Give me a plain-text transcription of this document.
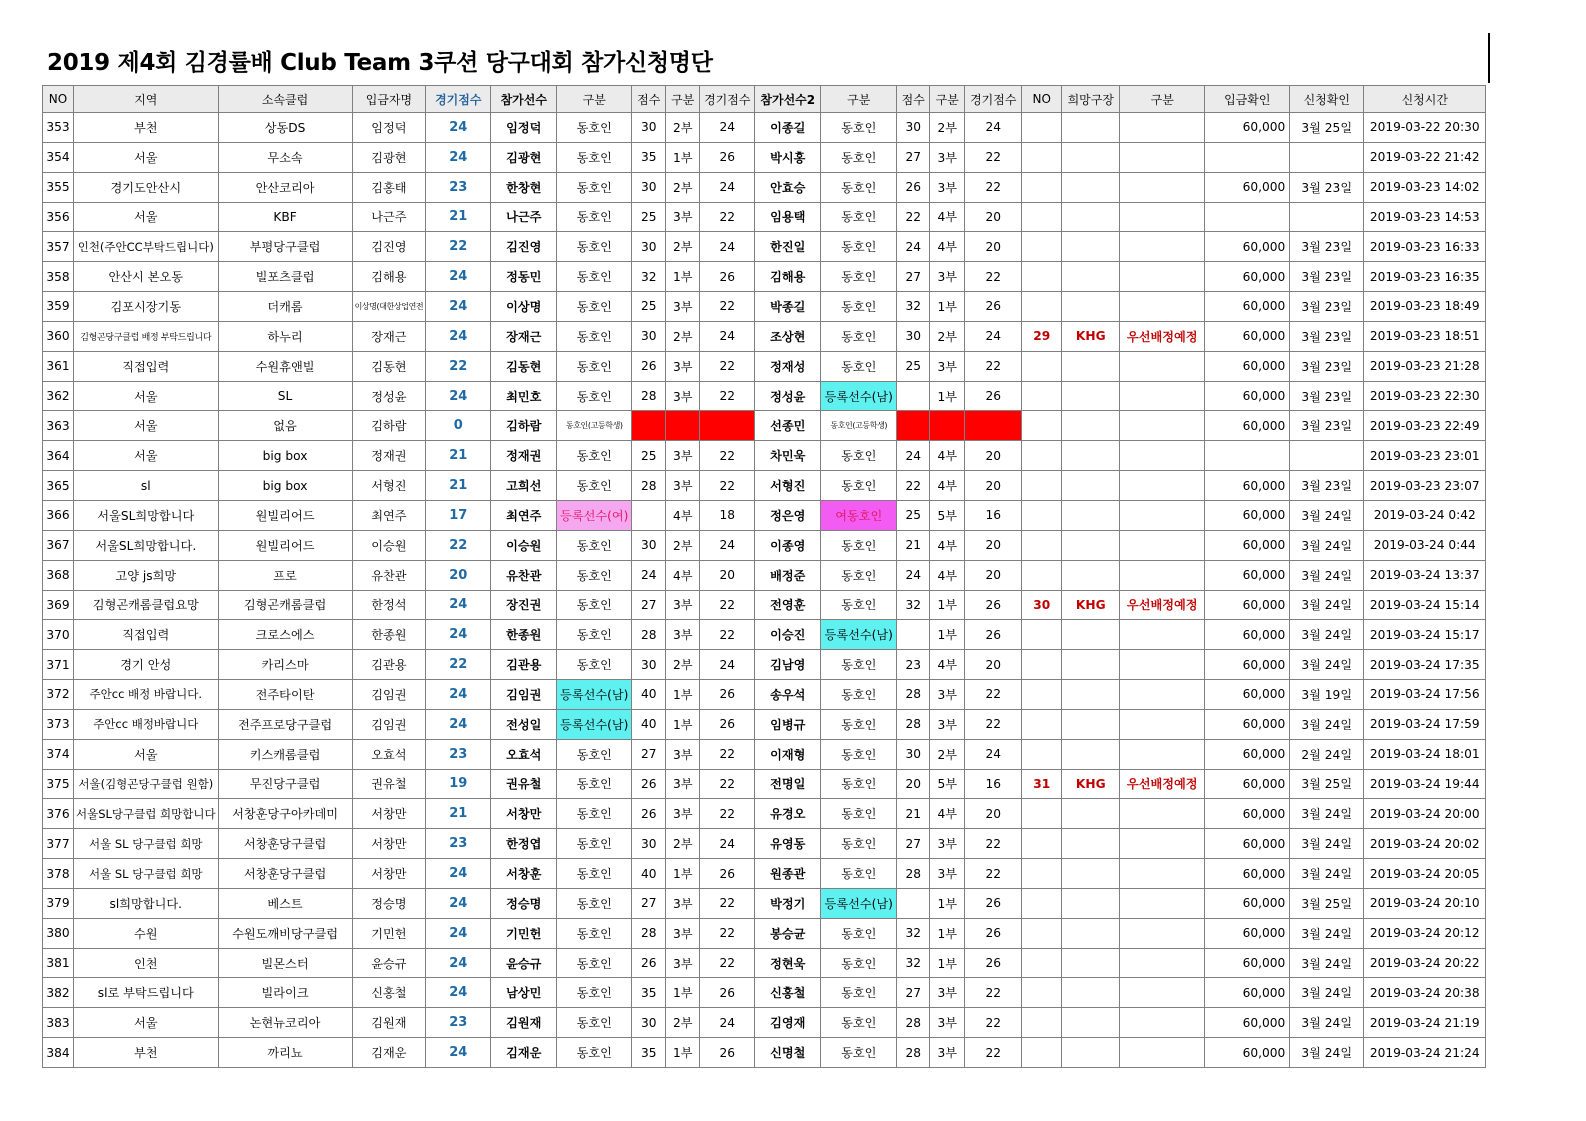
2019 제4회 김경률배 Club Team 3쿠션 당구대회 참가신청명단
NO	지역	소속클럽	입금자명	경기점수	참가선수	구분	점수	구분	경기점수	참가선수2	구분	점수	구분	경기점수	NO	희망구장	구분	입금확인	신청확인	신청시간
353	부천	상동DS	임정덕	24	임정덕	동호인	30	2부	24	이종길	동호인	30	2부	24				60,000	3월 25일	2019-03-22 20:30
354	서울	무소속	김광현	24	김광현	동호인	35	1부	26	박시홍	동호인	27	3부	22						2019-03-22 21:42
355	경기도안산시	안산코리아	김홍태	23	한창현	동호인	30	2부	24	안효승	동호인	26	3부	22				60,000	3월 23일	2019-03-23 14:02
356	서울	KBF	나근주	21	나근주	동호인	25	3부	22	임용택	동호인	22	4부	20						2019-03-23 14:53
357	인천(주안CC부탁드립니다)	부평당구클럽	김진영	22	김진영	동호인	30	2부	24	한진일	동호인	24	4부	20				60,000	3월 23일	2019-03-23 16:33
358	안산시 본오동	빌포츠클럽	김해용	24	정동민	동호인	32	1부	26	김해용	동호인	27	3부	22				60,000	3월 23일	2019-03-23 16:35
359	김포시장기동	더캐롬	이상명(대한상업연전	24	이상명	동호인	25	3부	22	박종길	동호인	32	1부	26				60,000	3월 23일	2019-03-23 18:49
360	김형곤당구클럽 배정 부탁드립니다	하누리	장재근	24	장재근	동호인	30	2부	24	조상현	동호인	30	2부	24	29	KHG	우선배정예정	60,000	3월 23일	2019-03-23 18:51
361	직접입력	수원휴앤빌	김동현	22	김동현	동호인	26	3부	22	정재성	동호인	25	3부	22				60,000	3월 23일	2019-03-23 21:28
362	서울	SL	정성윤	24	최민호	동호인	28	3부	22	정성윤	등록선수(남)		1부	26				60,000	3월 23일	2019-03-23 22:30
363	서울	없음	김하람	0	김하람	동호인(고등학생)				선종민	동호인(고등학생)							60,000	3월 23일	2019-03-23 22:49
364	서울	big box	정재권	21	정재권	동호인	25	3부	22	차민욱	동호인	24	4부	20						2019-03-23 23:01
365	sl	big box	서형진	21	고희선	동호인	28	3부	22	서형진	동호인	22	4부	20				60,000	3월 23일	2019-03-23 23:07
366	서울SL희망합니다	원빌리어드	최연주	17	최연주	등록선수(여)		4부	18	정은영	여동호인	25	5부	16				60,000	3월 24일	2019-03-24 0:42
367	서울SL희망합니다.	원빌리어드	이승원	22	이승원	동호인	30	2부	24	이종영	동호인	21	4부	20				60,000	3월 24일	2019-03-24 0:44
368	고양 js희망	프로	유찬관	20	유찬관	동호인	24	4부	20	배정준	동호인	24	4부	20				60,000	3월 24일	2019-03-24 13:37
369	김형곤캐롬클럽요망	김형곤캐롬클럽	한정석	24	장진권	동호인	27	3부	22	전영훈	동호인	32	1부	26	30	KHG	우선배정예정	60,000	3월 24일	2019-03-24 15:14
370	직접입력	크로스에스	한종원	24	한종원	동호인	28	3부	22	이승진	등록선수(남)		1부	26				60,000	3월 24일	2019-03-24 15:17
371	경기 안성	카리스마	김관용	22	김관용	동호인	30	2부	24	김남영	동호인	23	4부	20				60,000	3월 24일	2019-03-24 17:35
372	주안cc 배정 바랍니다.	전주타이탄	김임권	24	김임권	등록선수(남)	40	1부	26	송우석	동호인	28	3부	22				60,000	3월 19일	2019-03-24 17:56
373	주안cc 배정바랍니다	전주프로당구클럽	김임권	24	전성일	등록선수(남)	40	1부	26	임병규	동호인	28	3부	22				60,000	3월 24일	2019-03-24 17:59
374	서울	키스캐롬클럽	오효석	23	오효석	동호인	27	3부	22	이재형	동호인	30	2부	24				60,000	2월 24일	2019-03-24 18:01
375	서울(김형곤당구클럽 원함)	무진당구클럽	권유철	19	권유철	동호인	26	3부	22	전명일	동호인	20	5부	16	31	KHG	우선배정예정	60,000	3월 25일	2019-03-24 19:44
376	서울SL당구클럽 희망합니다	서창훈당구아카데미	서창만	21	서창만	동호인	26	3부	22	유경오	동호인	21	4부	20				60,000	3월 24일	2019-03-24 20:00
377	서울 SL 당구클럽 희망	서창훈당구클럽	서창만	23	한정엽	동호인	30	2부	24	유영동	동호인	27	3부	22				60,000	3월 24일	2019-03-24 20:02
378	서울 SL 당구클럽 희망	서창훈당구클럽	서창만	24	서창훈	동호인	40	1부	26	원종관	동호인	28	3부	22				60,000	3월 24일	2019-03-24 20:05
379	sl희망합니다.	베스트	정승명	24	정승명	동호인	27	3부	22	박정기	등록선수(남)		1부	26				60,000	3월 25일	2019-03-24 20:10
380	수원	수원도깨비당구클럽	기민헌	24	기민헌	동호인	28	3부	22	봉승균	동호인	32	1부	26				60,000	3월 24일	2019-03-24 20:12
381	인천	빌몬스터	윤승규	24	윤승규	동호인	26	3부	22	정현욱	동호인	32	1부	26				60,000	3월 24일	2019-03-24 20:22
382	sl로 부탁드립니다	빌라이크	신홍철	24	남상민	동호인	35	1부	26	신홍철	동호인	27	3부	22				60,000	3월 24일	2019-03-24 20:38
383	서울	논현뉴코리아	김원재	23	김원재	동호인	30	2부	24	김영재	동호인	28	3부	22				60,000	3월 24일	2019-03-24 21:19
384	부천	까리뇨	김재운	24	김재운	동호인	35	1부	26	신명철	동호인	28	3부	22				60,000	3월 24일	2019-03-24 21:24
